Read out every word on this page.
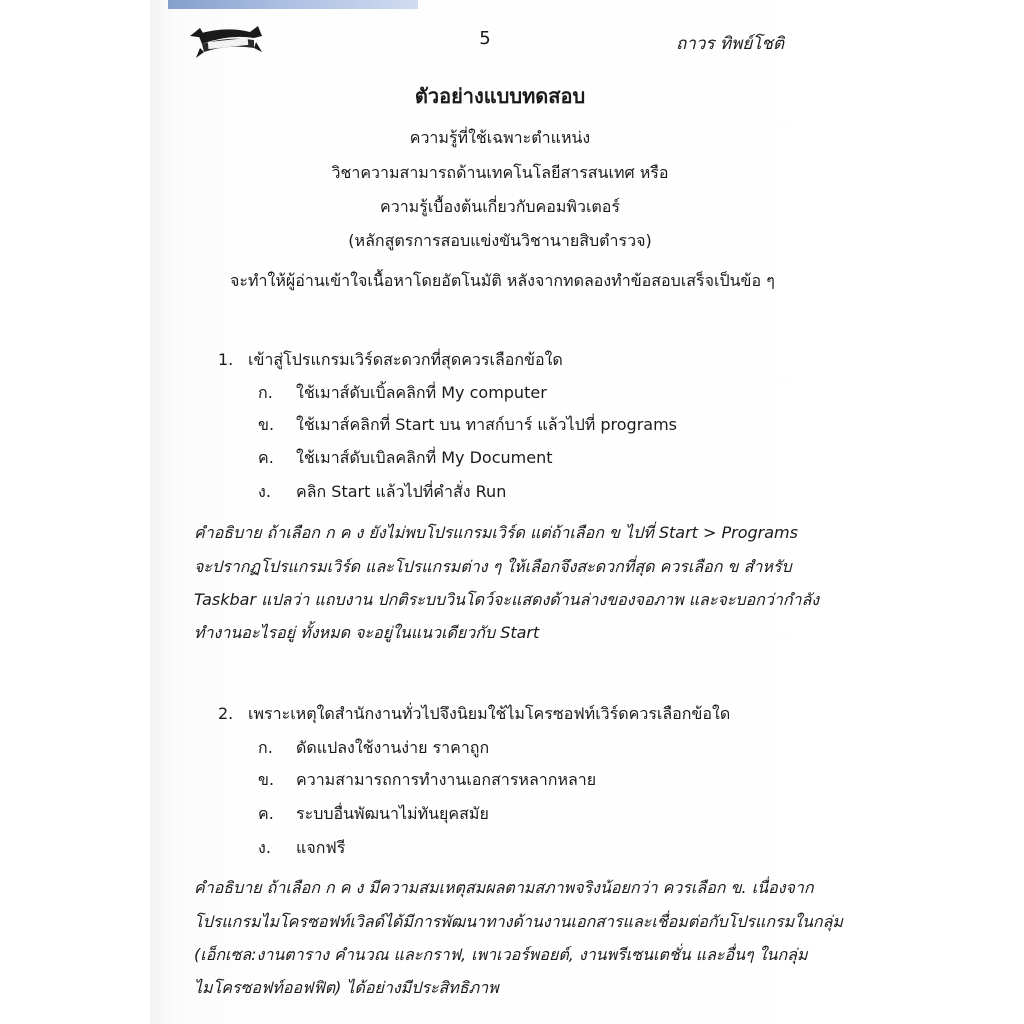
5	ถาวร ทิพย์โชติ
ตัวอย่างแบบทดสอบ
ความรู้ที่ใช้เฉพาะตำแหน่ง
วิชาความสามารถด้านเทคโนโลยีสารสนเทศ หรือ
ความรู้เบื้องต้นเกี่ยวกับคอมพิวเตอร์
(หลักสูตรการสอบแข่งขันวิชานายสิบตำรวจ)
จะทำให้ผู้อ่านเข้าใจเนื้อหาโดยอัตโนมัติ หลังจากทดลองทำข้อสอบเสร็จเป็นข้อ ๆ
1. เข้าสู่โปรแกรมเวิร์ดสะดวกที่สุดควรเลือกข้อใด
ก. ใช้เมาส์ดับเบิ้ลคลิกที่ My computer
ข. ใช้เมาส์คลิกที่ Start บน ทาสก์บาร์ แล้วไปที่ programs
ค. ใช้เมาส์ดับเบิลคลิกที่ My Document
ง. คลิก Start แล้วไปที่คำสั่ง Run
คำอธิบาย ถ้าเลือก ก ค ง ยังไม่พบโปรแกรมเวิร์ด แต่ถ้าเลือก ข ไปที่ Start > Programs
จะปรากฏโปรแกรมเวิร์ด และโปรแกรมต่าง ๆ ให้เลือกจึงสะดวกที่สุด ควรเลือก ข สำหรับ
Taskbar แปลว่า แถบงาน ปกติระบบวินโดว์จะแสดงด้านล่างของจอภาพ และจะบอกว่ากำลัง
ทำงานอะไรอยู่ ทั้งหมด จะอยู่ในแนวเดียวกับ Start
2. เพราะเหตุใดสำนักงานทั่วไปจึงนิยมใช้ไมโครซอฟท์เวิร์ดควรเลือกข้อใด
ก. ดัดแปลงใช้งานง่าย ราคาถูก
ข. ความสามารถการทำงานเอกสารหลากหลาย
ค. ระบบอื่นพัฒนาไม่ทันยุคสมัย
ง. แจกฟรี
คำอธิบาย ถ้าเลือก ก ค ง มีความสมเหตุสมผลตามสภาพจริงน้อยกว่า ควรเลือก ข. เนื่องจาก
โปรแกรมไมโครซอฟท์เวิลด์ได้มีการพัฒนาทางด้านงานเอกสารและเชื่อมต่อกับโปรแกรมในกลุ่ม
(เอ็กเซล:งานตาราง คำนวณ และกราฟ, เพาเวอร์พอยต์, งานพรีเซนเตชั่น และอื่นๆ ในกลุ่ม
ไมโครซอฟท์ออฟฟิต) ได้อย่างมีประสิทธิภาพ
